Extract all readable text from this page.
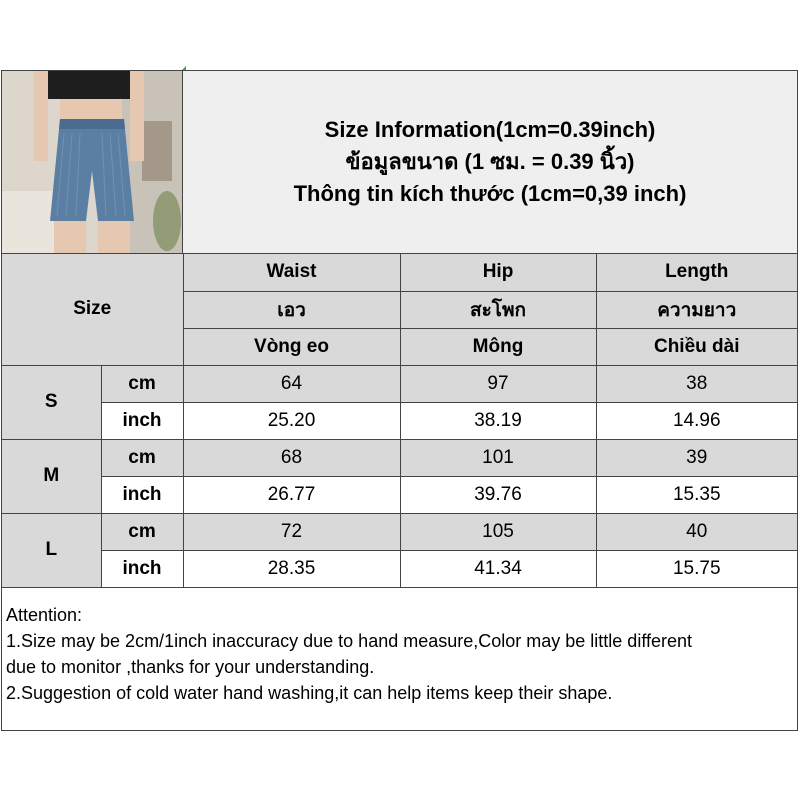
Size Information(1cm=0.39inch)
ข้อมูลขนาด (1 ซม. = 0.39 นิ้ว)
Thông tin kích thước (1cm=0,39 inch)
Size		Waist	Hip	Length
		เอว	สะโพก	ความยาว
		Vòng eo	Mông	Chiều dài
S	cm	64	97	38
	inch	25.20	38.19	14.96
M	cm	68	101	39
	inch	26.77	39.76	15.35
L	cm	72	105	40
	inch	28.35	41.34	15.75
Attention:
1.Size may be 2cm/1inch inaccuracy due to hand measure,Color may be little different
due to monitor ,thanks for your understanding.
2.Suggestion of cold water hand washing,it can help items keep their shape.
